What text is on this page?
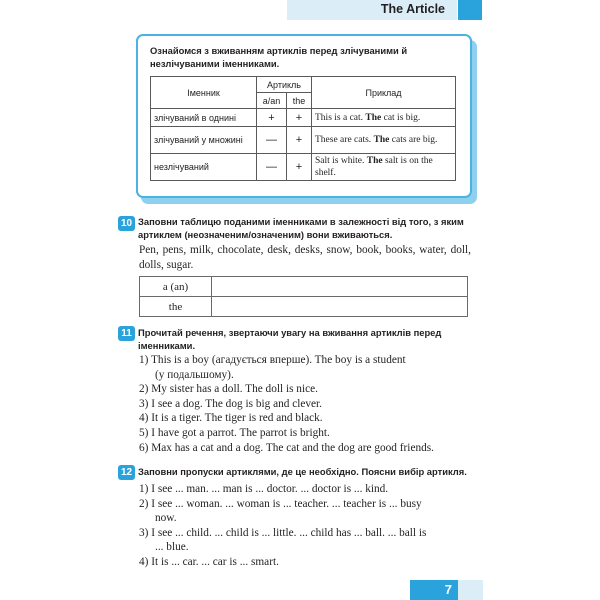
The Article
Ознайомся з вживанням артиклів перед злічуваними й незлічуваними іменниками.
Іменник	Артикль		Приклад
	a/an	the	
злічуваний в однині	+	+	This is a cat. The cat is big.
злічуваний у множині	—	+	These are cats. The cats are big.
незлічуваний	—	+	Salt is white. The salt is on the shelf.
10 Заповни таблицю поданими іменниками в залежності від того, з яким артиклем (неозначеним/означеним) вони вживаються.
Pen, pens, milk, chocolate, desk, desks, snow, book, books, water, doll, dolls, sugar.
a (an)	
the	
11 Прочитай речення, звертаючи увагу на вживання артиклів перед іменниками.
1) This is a boy (агадується вперше). The boy is a student
(у подальшому).
2) My sister has a doll. The doll is nice.
3) I see a dog. The dog is big and clever.
4) It is a tiger. The tiger is red and black.
5) I have got a parrot. The parrot is bright.
6) Max has a cat and a dog. The cat and the dog are good friends.
12 Заповни пропуски артиклями, де це необхідно. Поясни вибір артикля.
1) I see ... man. ... man is ... doctor. ... doctor is ... kind.
2) I see ... woman. ... woman is ... teacher. ... teacher is ... busy
now.
3) I see ... child. ... child is ... little. ... child has ... ball. ... ball is
... blue.
4) It is ... car. ... car is ... smart.
7
